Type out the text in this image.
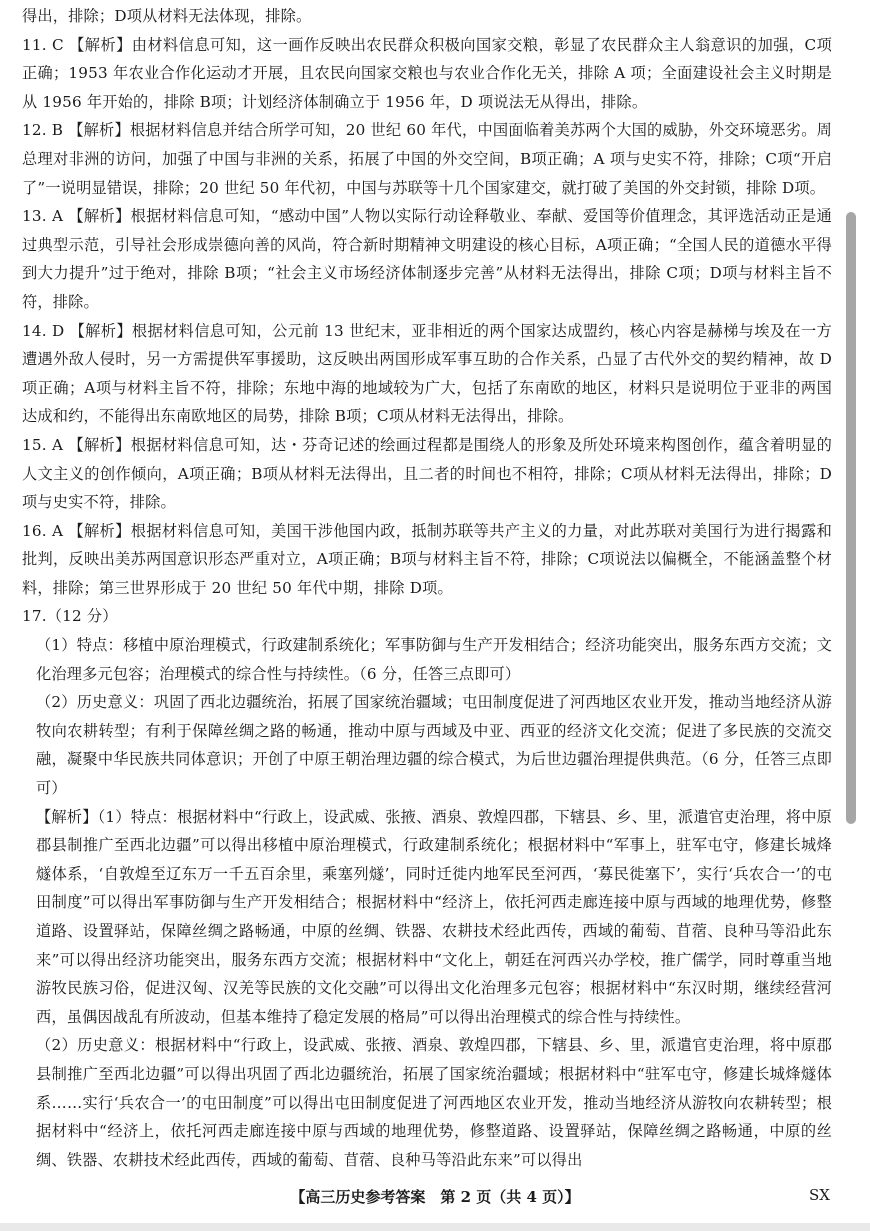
得出，排除；D项从材料无法体现，排除。

11. C 【解析】由材料信息可知，这一画作反映出农民群众积极向国家交粮，彰显了农民群众主人翁意识的加强，C项正确；1953 年农业合作化运动才开展，且农民向国家交粮也与农业合作化无关，排除 A 项；全面建设社会主义时期是从 1956 年开始的，排除 B项；计划经济体制确立于 1956 年，D 项说法无从得出，排除。

12. B 【解析】根据材料信息并结合所学可知，20 世纪 60 年代，中国面临着美苏两个大国的威胁，外交环境恶劣。周总理对非洲的访问，加强了中国与非洲的关系，拓展了中国的外交空间，B项正确；A 项与史实不符，排除；C项“开启了”一说明显错误，排除；20 世纪 50 年代初，中国与苏联等十几个国家建交，就打破了美国的外交封锁，排除 D项。

13. A 【解析】根据材料信息可知，“感动中国”人物以实际行动诠释敬业、奉献、爱国等价值理念，其评选活动正是通过典型示范，引导社会形成崇德向善的风尚，符合新时期精神文明建设的核心目标，A项正确；“全国人民的道德水平得到大力提升”过于绝对，排除 B项；“社会主义市场经济体制逐步完善”从材料无法得出，排除 C项；D项与材料主旨不符，排除。

14. D 【解析】根据材料信息可知，公元前 13 世纪末，亚非相近的两个国家达成盟约，核心内容是赫梯与埃及在一方遭遇外敌人侵时，另一方需提供军事援助，这反映出两国形成军事互助的合作关系，凸显了古代外交的契约精神，故 D项正确；A项与材料主旨不符，排除；东地中海的地域较为广大，包括了东南欧的地区，材料只是说明位于亚非的两国达成和约，不能得出东南欧地区的局势，排除 B项；C项从材料无法得出，排除。

15. A 【解析】根据材料信息可知，达・芬奇记述的绘画过程都是围绕人的形象及所处环境来构图创作，蕴含着明显的人文主义的创作倾向，A项正确；B项从材料无法得出，且二者的时间也不相符，排除；C项从材料无法得出，排除；D项与史实不符，排除。

16. A 【解析】根据材料信息可知，美国干涉他国内政，抵制苏联等共产主义的力量，对此苏联对美国行为进行揭露和批判，反映出美苏两国意识形态严重对立，A项正确；B项与材料主旨不符，排除；C项说法以偏概全，不能涵盖整个材料，排除；第三世界形成于 20 世纪 50 年代中期，排除 D项。

17.（12 分）

（1）特点：移植中原治理模式，行政建制系统化；军事防御与生产开发相结合；经济功能突出，服务东西方交流；文化治理多元包容；治理模式的综合性与持续性。（6 分，任答三点即可）

（2）历史意义：巩固了西北边疆统治，拓展了国家统治疆域；屯田制度促进了河西地区农业开发，推动当地经济从游牧向农耕转型；有利于保障丝绸之路的畅通，推动中原与西域及中亚、西亚的经济文化交流；促进了多民族的交流交融，凝聚中华民族共同体意识；开创了中原王朝治理边疆的综合模式，为后世边疆治理提供典范。（6 分，任答三点即可）

【解析】（1）特点：根据材料中“行政上，设武威、张掖、酒泉、敦煌四郡，下辖县、乡、里，派遣官吏治理，将中原郡县制推广至西北边疆”可以得出移植中原治理模式，行政建制系统化；根据材料中“军事上，驻军屯守，修建长城烽燧体系，‘自敦煌至辽东万一千五百余里，乘塞列燧’，同时迁徙内地军民至河西，‘募民徙塞下’，实行‘兵农合一’的屯田制度”可以得出军事防御与生产开发相结合；根据材料中“经济上，依托河西走廊连接中原与西域的地理优势，修整道路、设置驿站，保障丝绸之路畅通，中原的丝绸、铁器、农耕技术经此西传，西域的葡萄、苜蓿、良种马等沿此东来”可以得出经济功能突出，服务东西方交流；根据材料中“文化上，朝廷在河西兴办学校，推广儒学，同时尊重当地游牧民族习俗，促进汉匈、汉羌等民族的文化交融”可以得出文化治理多元包容；根据材料中“东汉时期，继续经营河西，虽偶因战乱有所波动，但基本维持了稳定发展的格局”可以得出治理模式的综合性与持续性。

（2）历史意义：根据材料中“行政上，设武威、张掖、酒泉、敦煌四郡，下辖县、乡、里，派遣官吏治理，将中原郡县制推广至西北边疆”可以得出巩固了西北边疆统治，拓展了国家统治疆域；根据材料中“驻军屯守，修建长城烽燧体系……实行‘兵农合一’的屯田制度”可以得出屯田制度促进了河西地区农业开发，推动当地经济从游牧向农耕转型；根据材料中“经济上，依托河西走廊连接中原与西域的地理优势，修整道路、设置驿站，保障丝绸之路畅通，中原的丝绸、铁器、农耕技术经此西传，西域的葡萄、苜蓿、良种马等沿此东来”可以得出

【高三历史参考答案　第 2 页（共 4 页）】	SX
